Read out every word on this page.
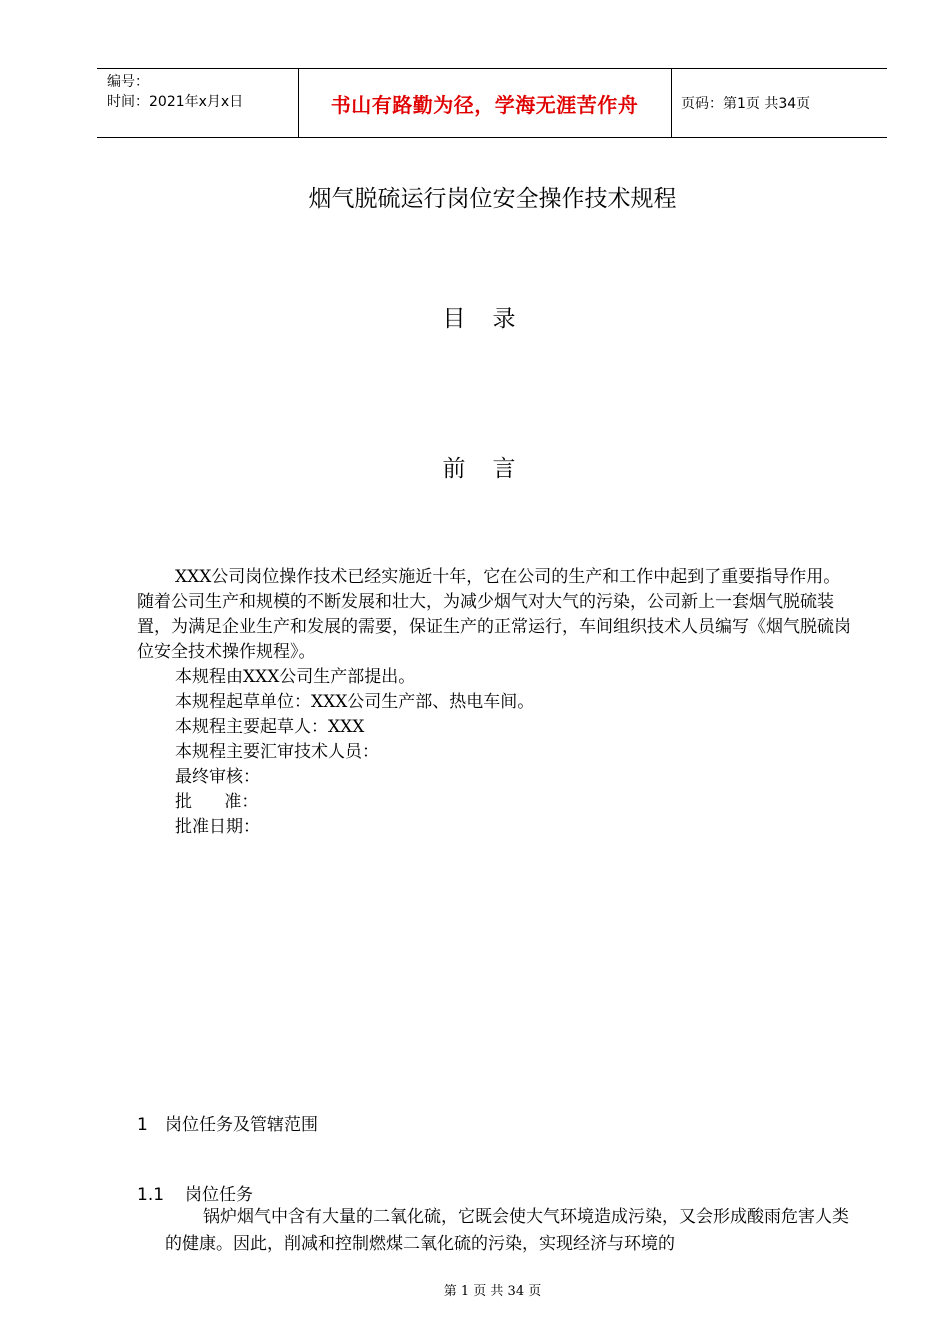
编号：
时间：2021年x月x日	书山有路勤为径，学海无涯苦作舟	页码：第1页 共34页
烟气脱硫运行岗位安全操作技术规程
目录
前言
XXX公司岗位操作技术已经实施近十年，它在公司的生产和工作中起到了重要指导作用。随着公司生产和规模的不断发展和壮大，为减少烟气对大气的污染，公司新上一套烟气脱硫装置，为满足企业生产和发展的需要，保证生产的正常运行，车间组织技术人员编写《烟气脱硫岗位安全技术操作规程》。
本规程由XXX公司生产部提出。
本规程起草单位：XXX公司生产部、热电车间。
本规程主要起草人：XXX
本规程主要汇审技术人员：
最终审核：
批      准：
批准日期：
1 岗位任务及管辖范围
1.1 岗位任务
锅炉烟气中含有大量的二氧化硫，它既会使大气环境造成污染，又会形成酸雨危害人类的健康。因此，削减和控制燃煤二氧化硫的污染，实现经济与环境的
第 1 页 共 34 页
